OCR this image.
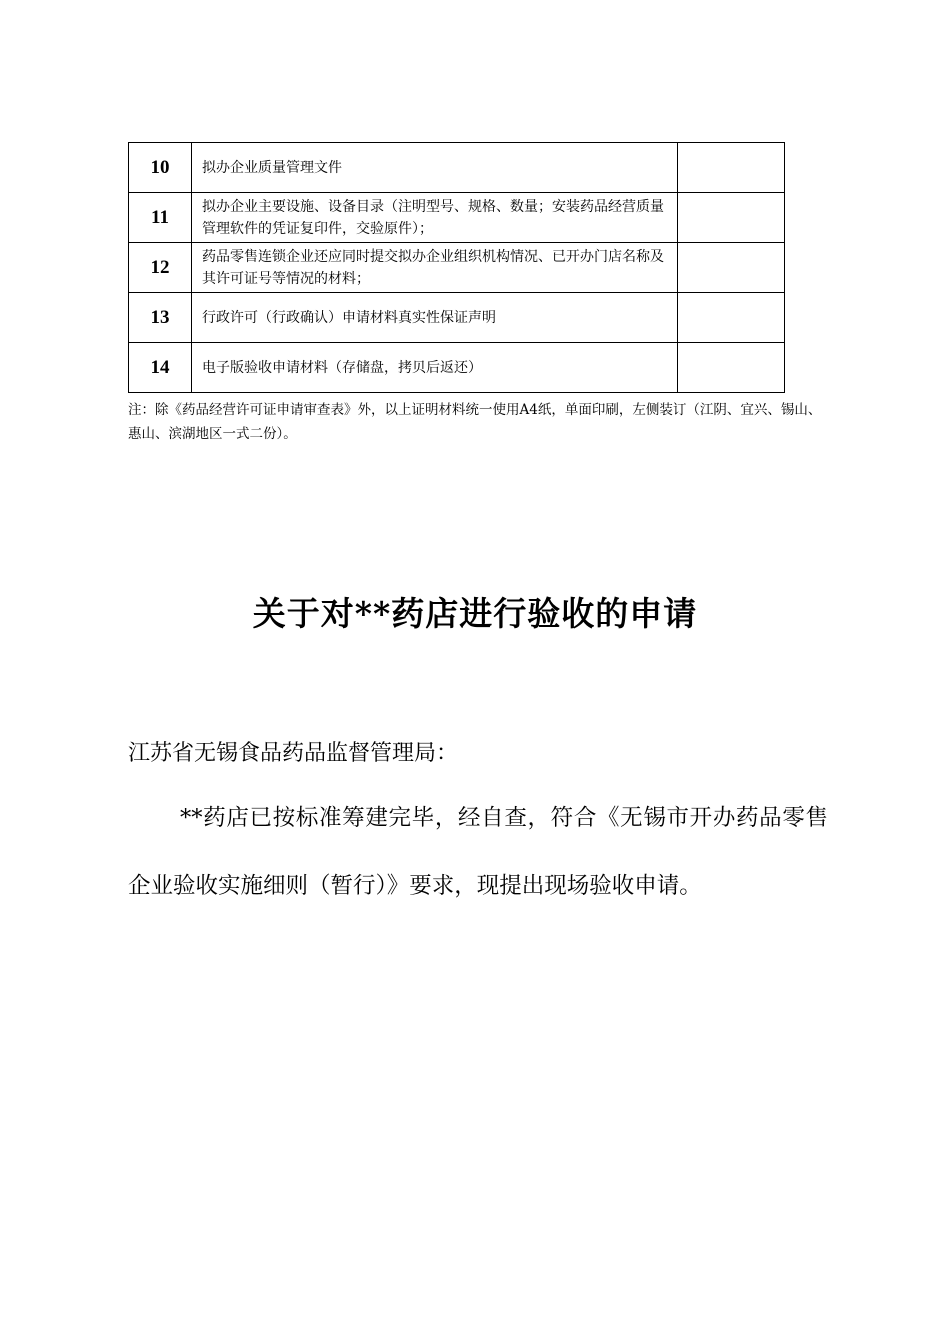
10	拟办企业质量管理文件	
11	拟办企业主要设施、设备目录（注明型号、规格、数量；安装药品经营质量管理软件的凭证复印件，交验原件）；	
12	药品零售连锁企业还应同时提交拟办企业组织机构情况、已开办门店名称及其许可证号等情况的材料；	
13	行政许可（行政确认）申请材料真实性保证声明	
14	电子版验收申请材料（存储盘，拷贝后返还）	
注：除《药品经营许可证申请审查表》外，以上证明材料统一使用A4纸，单面印刷，左侧装订（江阴、宜兴、锡山、惠山、滨湖地区一式二份）。
关于对**药店进行验收的申请
江苏省无锡食品药品监督管理局：
**药店已按标准筹建完毕，经自查，符合《无锡市开办药品零售企业验收实施细则（暂行）》要求，现提出现场验收申请。
